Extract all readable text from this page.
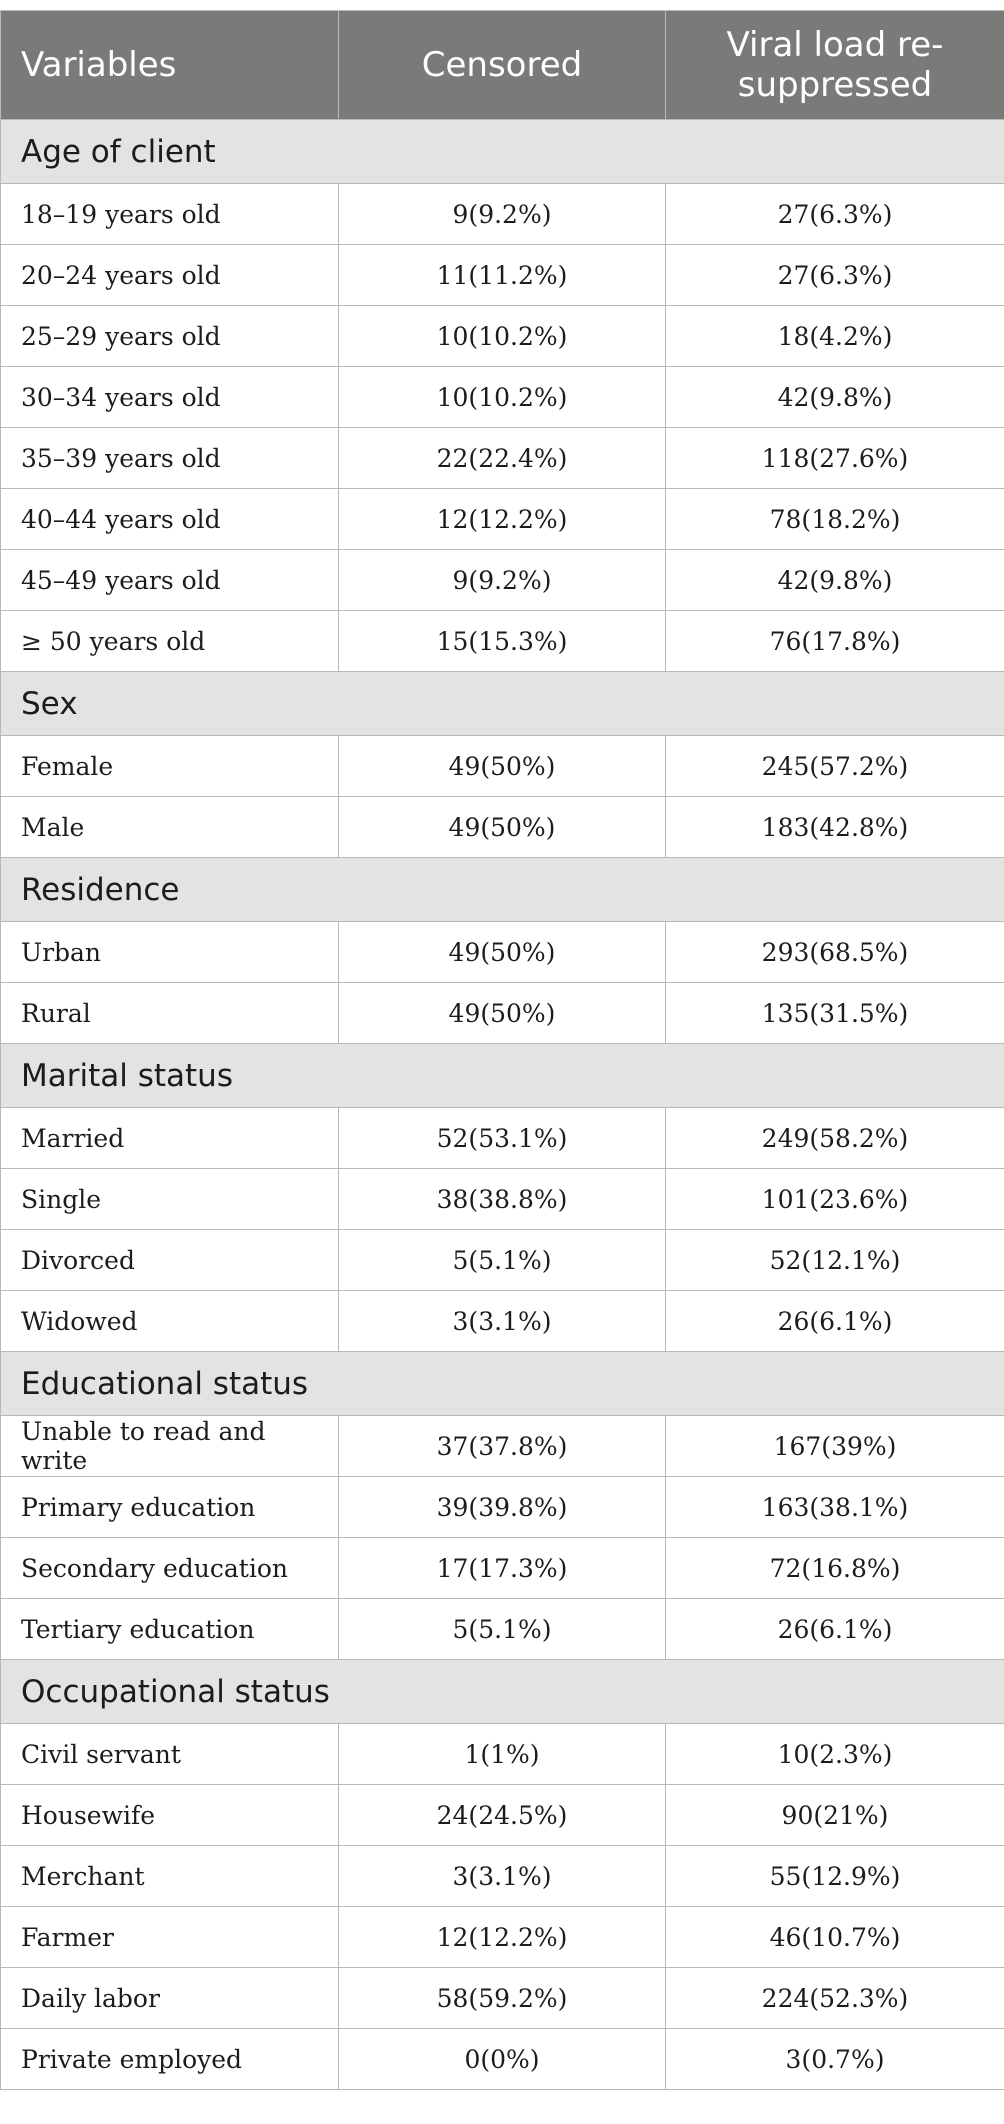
Variables	Censored	Viral load re-suppressed
Age of client		
18–19 years old	9(9.2%)	27(6.3%)
20–24 years old	11(11.2%)	27(6.3%)
25–29 years old	10(10.2%)	18(4.2%)
30–34 years old	10(10.2%)	42(9.8%)
35–39 years old	22(22.4%)	118(27.6%)
40–44 years old	12(12.2%)	78(18.2%)
45–49 years old	9(9.2%)	42(9.8%)
≥ 50 years old	15(15.3%)	76(17.8%)
Sex		
Female	49(50%)	245(57.2%)
Male	49(50%)	183(42.8%)
Residence		
Urban	49(50%)	293(68.5%)
Rural	49(50%)	135(31.5%)
Marital status		
Married	52(53.1%)	249(58.2%)
Single	38(38.8%)	101(23.6%)
Divorced	5(5.1%)	52(12.1%)
Widowed	3(3.1%)	26(6.1%)
Educational status		
Unable to read and write	37(37.8%)	167(39%)
Primary education	39(39.8%)	163(38.1%)
Secondary education	17(17.3%)	72(16.8%)
Tertiary education	5(5.1%)	26(6.1%)
Occupational status		
Civil servant	1(1%)	10(2.3%)
Housewife	24(24.5%)	90(21%)
Merchant	3(3.1%)	55(12.9%)
Farmer	12(12.2%)	46(10.7%)
Daily labor	58(59.2%)	224(52.3%)
Private employed	0(0%)	3(0.7%)
